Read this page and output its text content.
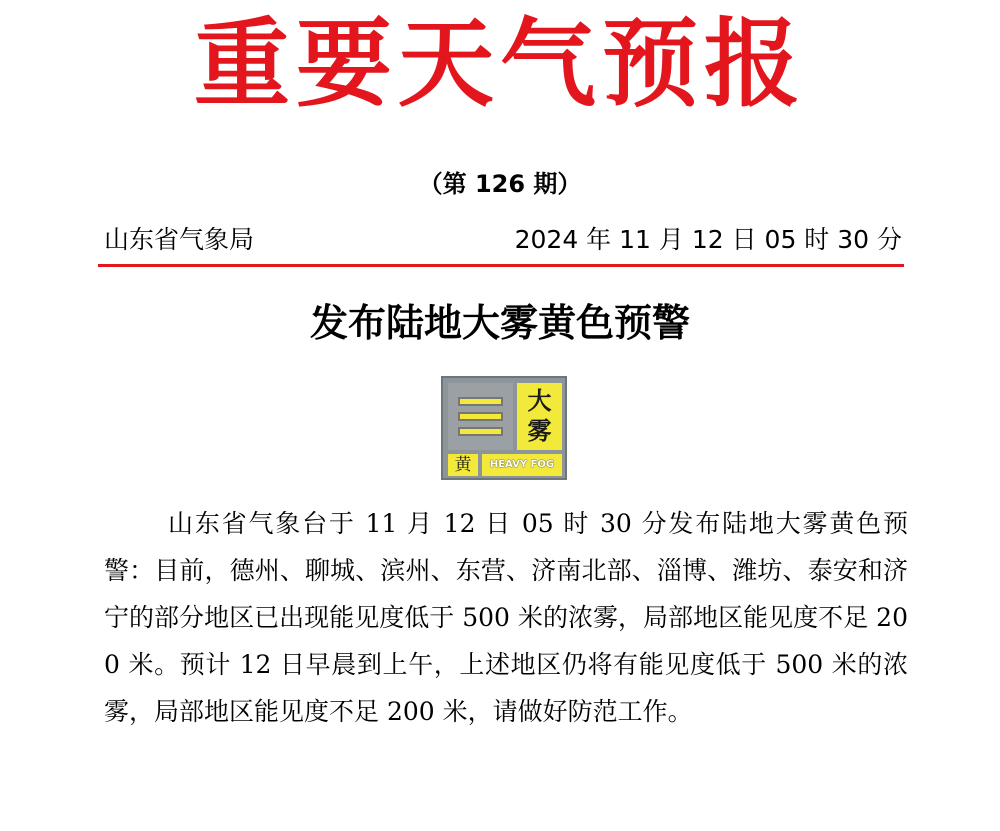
重要天气预报
（第 126 期）
山东省气象局	2024 年 11 月 12 日 05 时 30 分
发布陆地大雾黄色预警
大
雾
黄	HEAVY FOG
山东省气象台于 11 月 12 日 05 时 30 分发布陆地大雾黄色预警：目前，德州、聊城、滨州、东营、济南北部、淄博、潍坊、泰安和济宁的部分地区已出现能见度低于 500 米的浓雾，局部地区能见度不足 200 米。预计 12 日早晨到上午，上述地区仍将有能见度低于 500 米的浓雾，局部地区能见度不足 200 米，请做好防范工作。
